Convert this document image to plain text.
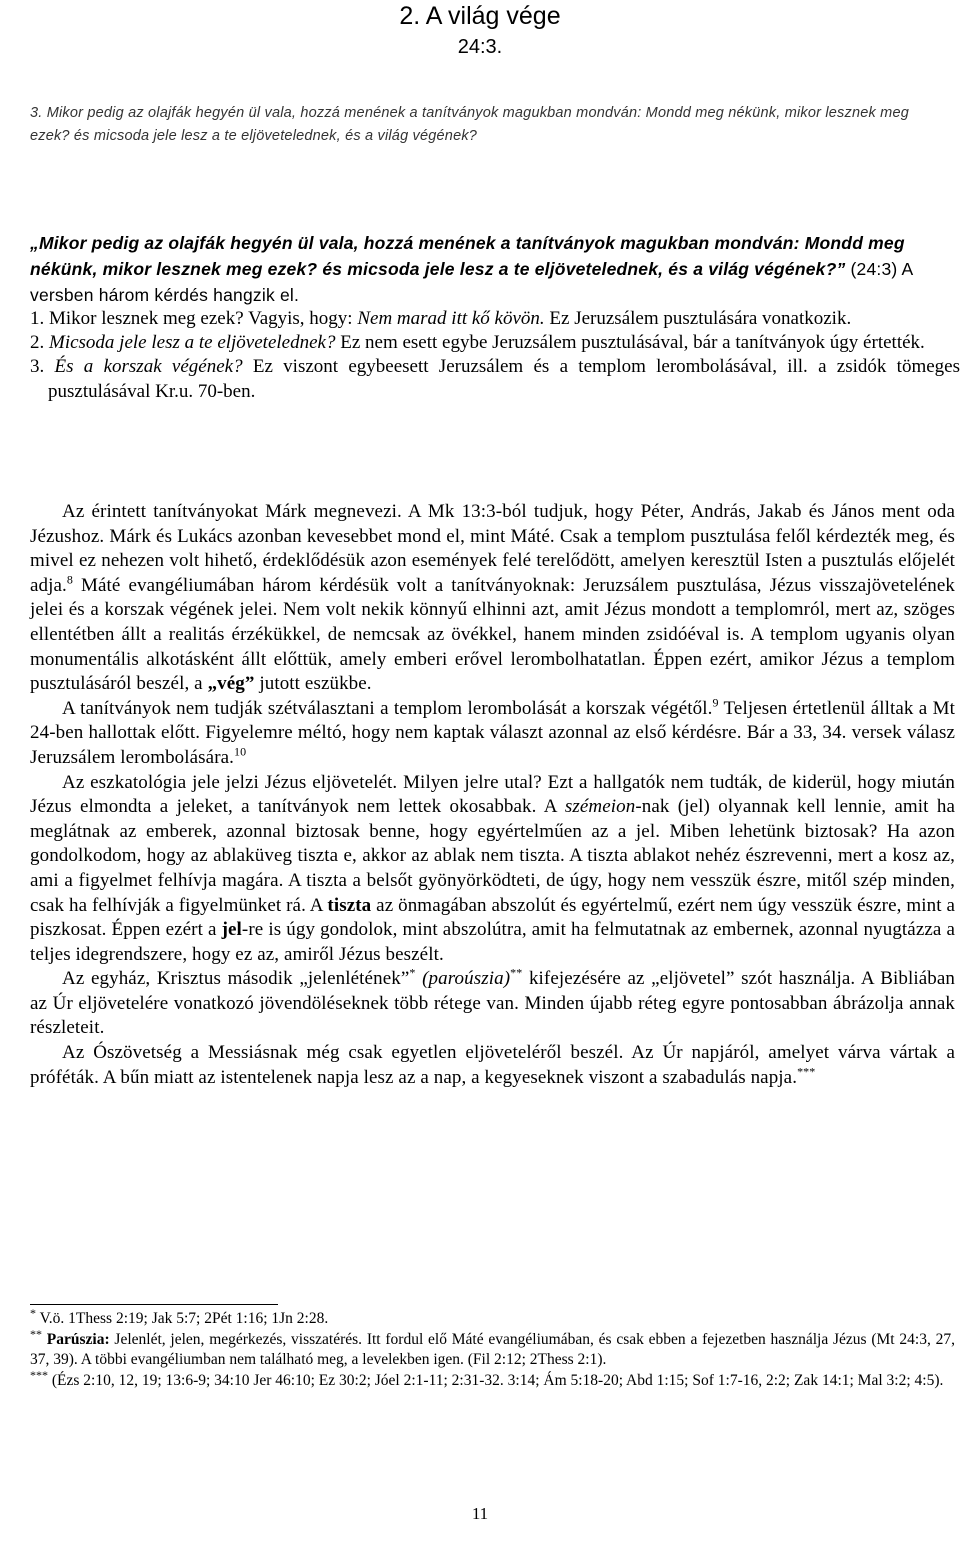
2. A világ vége
24:3.
3. Mikor pedig az olajfák hegyén ül vala, hozzá menének a tanítványok magukban mondván: Mondd meg nékünk, mikor lesznek meg ezek? és micsoda jele lesz a te eljövetelednek, és a világ végének?
„Mikor pedig az olajfák hegyén ül vala, hozzá menének a tanítványok magukban mondván: Mondd meg nékünk, mikor lesznek meg ezek? és micsoda jele lesz a te eljövetelednek, és a világ végének?” (24:3) A versben három kérdés hangzik el.

1. Mikor lesznek meg ezek? Vagyis, hogy: Nem marad itt kő kövön. Ez Jeruzsálem pusztulására vonatkozik.

2. Micsoda jele lesz a te eljövetelednek? Ez nem esett egybe Jeruzsálem pusztulásával, bár a tanítványok úgy értették.

3. És a korszak végének? Ez viszont egybeesett Jeruzsálem és a templom lerombolásával, ill. a zsidók tömeges pusztulásával Kr.u. 70-ben.

Az érintett tanítványokat Márk megnevezi. A Mk 13:3-ból tudjuk, hogy Péter, András, Jakab és János ment oda Jézushoz. Márk és Lukács azonban kevesebbet mond el, mint Máté. Csak a templom pusztulása felől kérdezték meg, és mivel ez nehezen volt hihető, érdeklődésük azon események felé terelődött, amelyen keresztül Isten a pusztulás előjelét adja.$^8$ Máté evangéliumában három kérdésük volt a tanítványoknak: Jeruzsálem pusztulása, Jézus visszajövetelének jelei és a korszak végének jelei. Nem volt nekik könnyű elhinni azt, amit Jézus mondott a templomról, mert az, szöges ellentétben állt a realitás érzékükkel, de nemcsak az övékkel, hanem minden zsidóéval is. A templom ugyanis olyan monumentális alkotásként állt előttük, amely emberi erővel lerombolhatatlan. Éppen ezért, amikor Jézus a templom pusztulásáról beszél, a „vég” jutott eszükbe.

A tanítványok nem tudják szétválasztani a templom lerombolását a korszak végétől.$^9$ Teljesen értetlenül álltak a Mt 24-ben hallottak előtt. Figyelemre méltó, hogy nem kaptak választ azonnal az első kérdésre. Bár a 33, 34. versek válasz Jeruzsálem lerombolására.$^{10}$

Az eszkatológia jele jelzi Jézus eljövetelét. Milyen jelre utal? Ezt a hallgatók nem tudták, de kiderül, hogy miután Jézus elmondta a jeleket, a tanítványok nem lettek okosabbak. A szémeion-nak (jel) olyannak kell lennie, amit ha meglátnak az emberek, azonnal biztosak benne, hogy egyértelműen az a jel. Miben lehetünk biztosak? Ha azon gondolkodom, hogy az ablaküveg tiszta e, akkor az ablak nem tiszta. A tiszta ablakot nehéz észrevenni, mert a kosz az, ami a figyelmet felhívja magára. A tiszta a belsőt gyönyörködteti, de úgy, hogy nem vesszük észre, mitől szép minden, csak ha felhívják a figyelmünket rá. A tiszta az önmagában abszolút és egyértelmű, ezért nem úgy vesszük észre, mint a piszkosat. Éppen ezért a jel-re is úgy gondolok, mint abszolútra, amit ha felmutatnak az embernek, azonnal nyugtázza a teljes idegrendszere, hogy ez az, amiről Jézus beszélt.

Az egyház, Krisztus második „jelenlétének”* (paroúszia)** kifejezésére az „eljövetel” szót használja. A Bibliában az Úr eljövetelére vonatkozó jövendöléseknek több rétege van. Minden újabb réteg egyre pontosabban ábrázolja annak részleteit.

Az Ószövetség a Messiásnak még csak egyetlen eljöveteléről beszél. Az Úr napjáról, amelyet várva vártak a próféták. A bűn miatt az istentelenek napja lesz az a nap, a kegyeseknek viszont a szabadulás napja.***

* V.ö. 1Thess 2:19; Jak 5:7; 2Pét 1:16; 1Jn 2:28.

** Parúszia: Jelenlét, jelen, megérkezés, visszatérés. Itt fordul elő Máté evangéliumában, és csak ebben a fejezetben használja Jézus (Mt 24:3, 27, 37, 39). A többi evangéliumban nem található meg, a levelekben igen. (Fil 2:12; 2Thess 2:1).

*** (Ézs 2:10, 12, 19; 13:6-9; 34:10 Jer 46:10; Ez 30:2; Jóel 2:1-11; 2:31-32. 3:14; Ám 5:18-20; Abd 1:15; Sof 1:7-16, 2:2; Zak 14:1; Mal 3:2; 4:5).

11
